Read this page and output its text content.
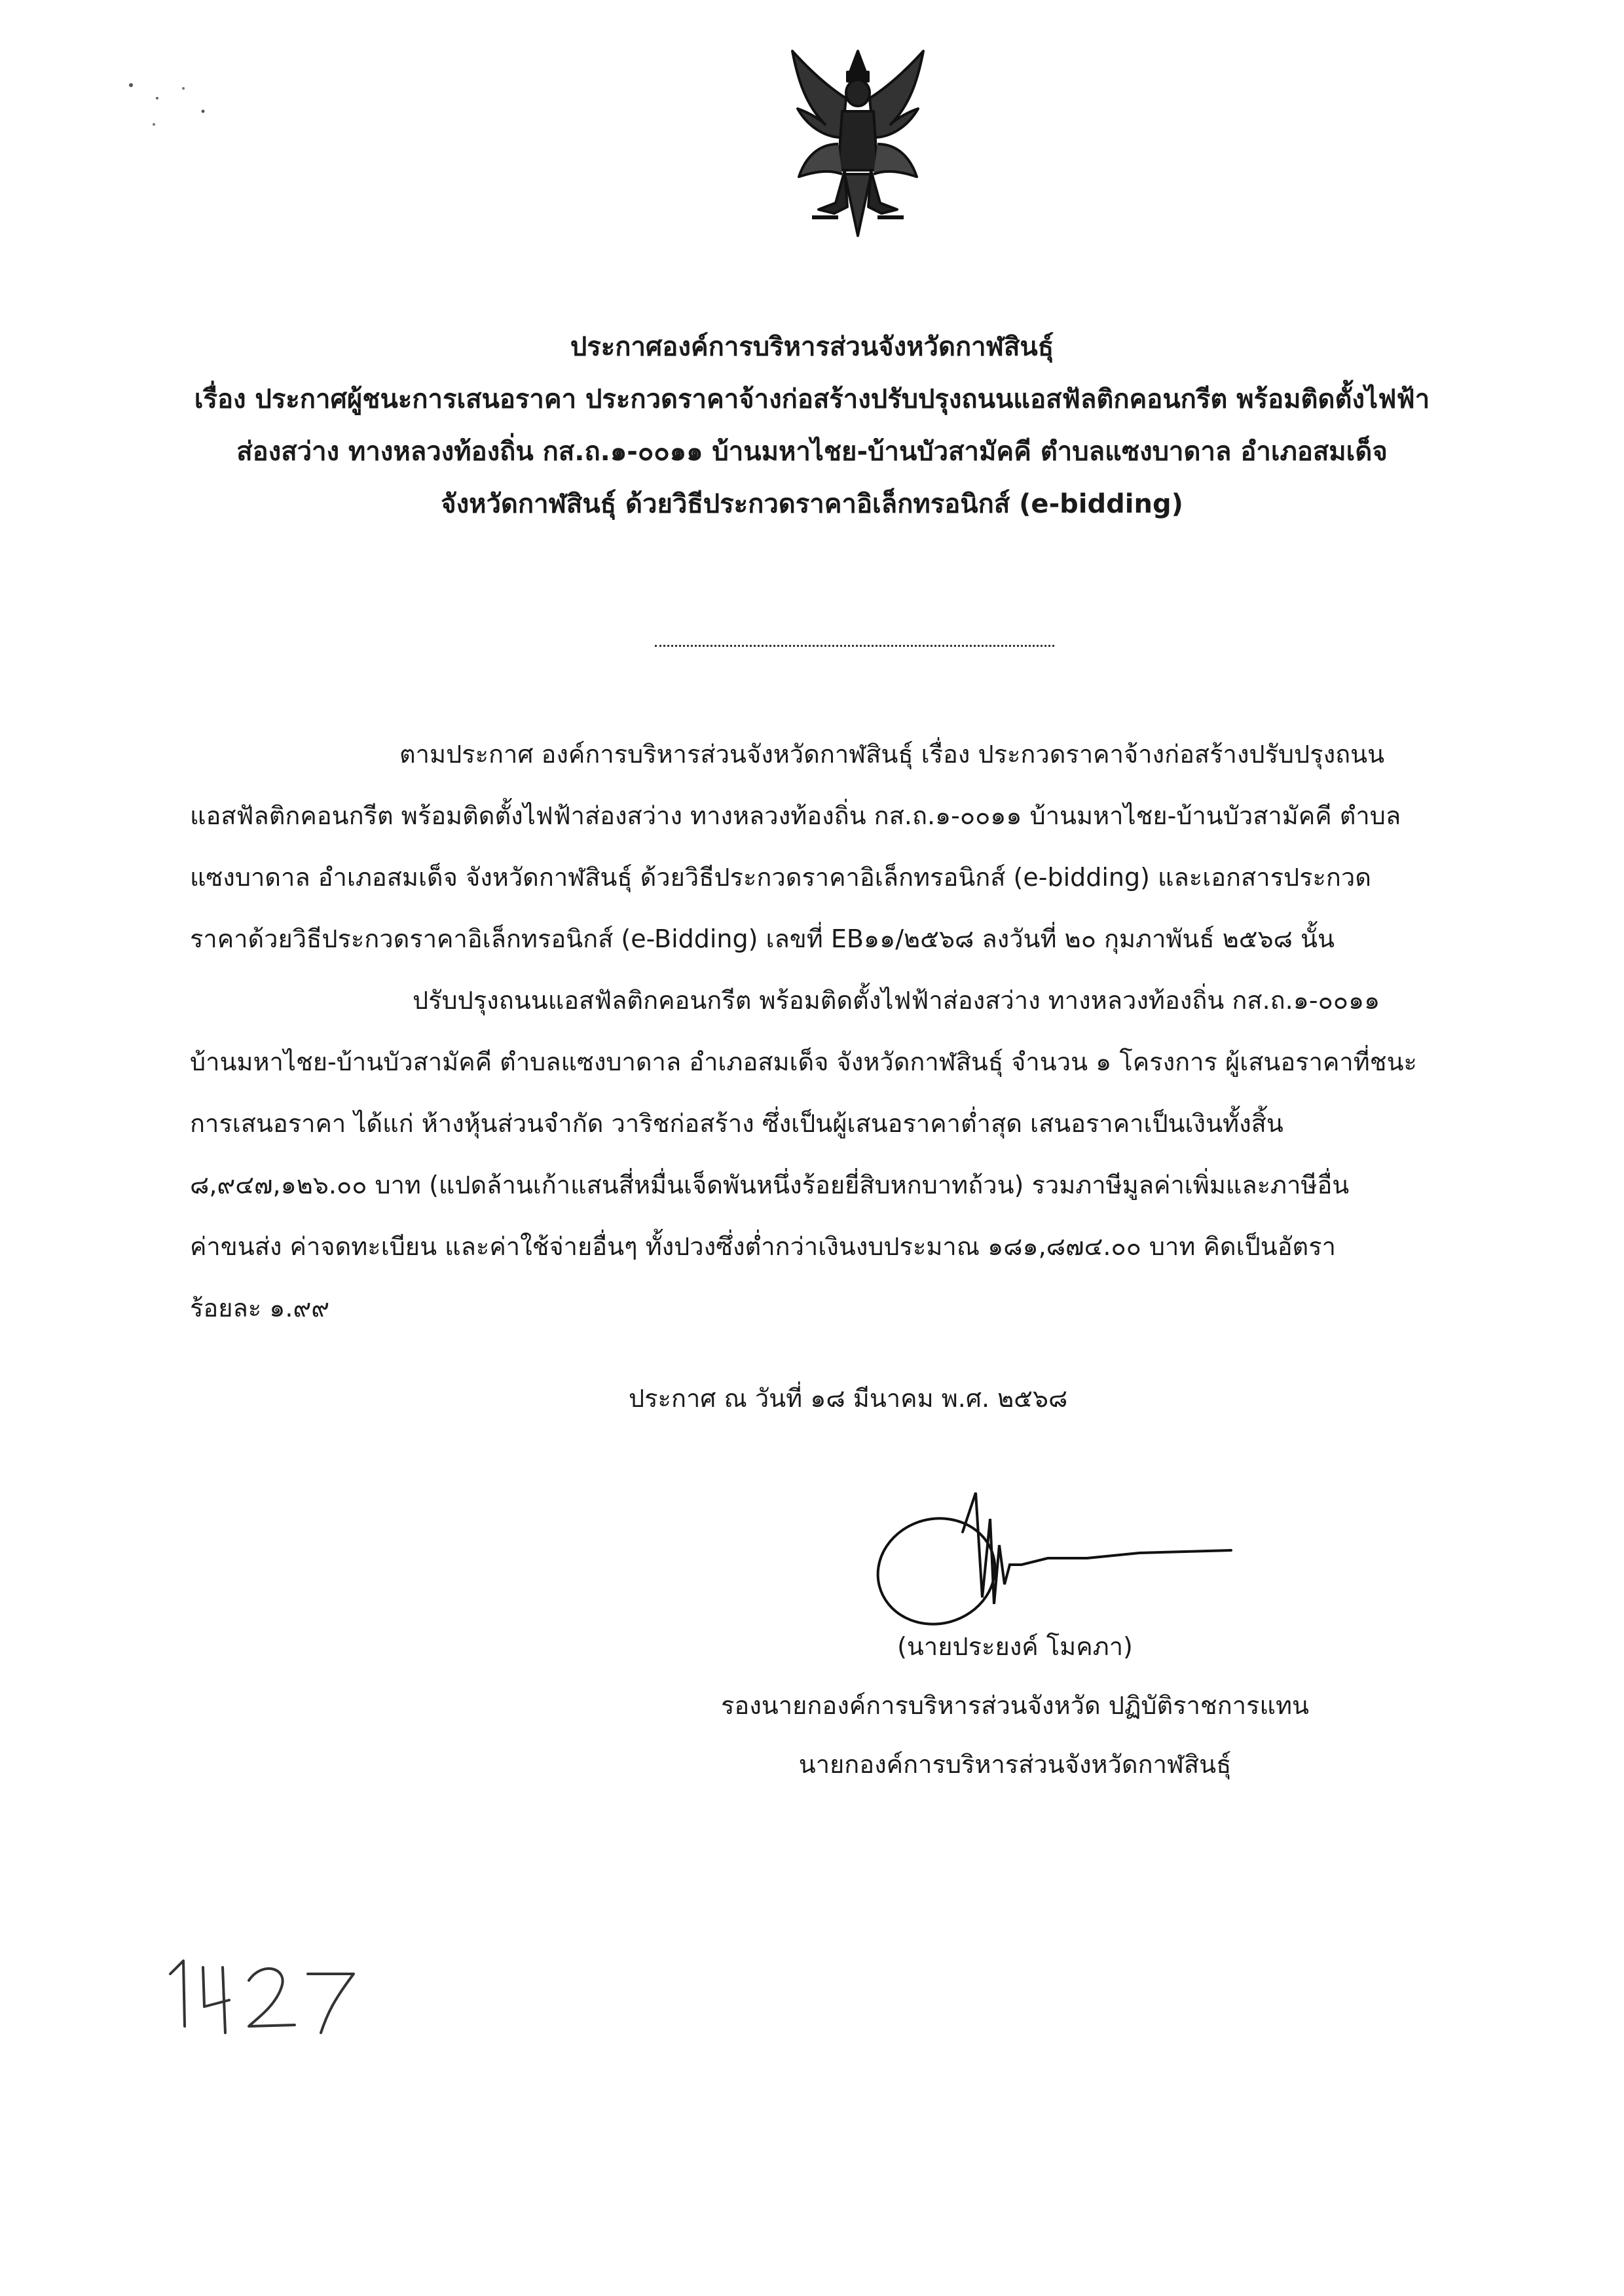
ประกาศองค์การบริหารส่วนจังหวัดกาฬสินธุ์
เรื่อง ประกาศผู้ชนะการเสนอราคา ประกวดราคาจ้างก่อสร้างปรับปรุงถนนแอสฟัลติกคอนกรีต พร้อมติดตั้งไฟฟ้า
ส่องสว่าง ทางหลวงท้องถิ่น กส.ถ.๑-๐๐๑๑ บ้านมหาไชย-บ้านบัวสามัคคี ตำบลแซงบาดาล อำเภอสมเด็จ
จังหวัดกาฬสินธุ์ ด้วยวิธีประกวดราคาอิเล็กทรอนิกส์ (e-bidding)
ตามประกาศ องค์การบริหารส่วนจังหวัดกาฬสินธุ์ เรื่อง ประกวดราคาจ้างก่อสร้างปรับปรุงถนน
แอสฟัลติกคอนกรีต พร้อมติดตั้งไฟฟ้าส่องสว่าง ทางหลวงท้องถิ่น กส.ถ.๑-๐๐๑๑ บ้านมหาไชย-บ้านบัวสามัคคี ตำบล
แซงบาดาล อำเภอสมเด็จ จังหวัดกาฬสินธุ์ ด้วยวิธีประกวดราคาอิเล็กทรอนิกส์ (e-bidding) และเอกสารประกวด
ราคาด้วยวิธีประกวดราคาอิเล็กทรอนิกส์ (e-Bidding) เลขที่ EB๑๑/๒๕๖๘ ลงวันที่ ๒๐ กุมภาพันธ์ ๒๕๖๘ นั้น
ปรับปรุงถนนแอสฟัลติกคอนกรีต พร้อมติดตั้งไฟฟ้าส่องสว่าง ทางหลวงท้องถิ่น กส.ถ.๑-๐๐๑๑
บ้านมหาไชย-บ้านบัวสามัคคี ตำบลแซงบาดาล อำเภอสมเด็จ จังหวัดกาฬสินธุ์ จำนวน ๑ โครงการ ผู้เสนอราคาที่ชนะ
การเสนอราคา ได้แก่ ห้างหุ้นส่วนจำกัด วาริชก่อสร้าง ซึ่งเป็นผู้เสนอราคาต่ำสุด เสนอราคาเป็นเงินทั้งสิ้น
๘,๙๔๗,๑๒๖.๐๐ บาท (แปดล้านเก้าแสนสี่หมื่นเจ็ดพันหนึ่งร้อยยี่สิบหกบาทถ้วน) รวมภาษีมูลค่าเพิ่มและภาษีอื่น
ค่าขนส่ง ค่าจดทะเบียน และค่าใช้จ่ายอื่นๆ ทั้งปวงซึ่งต่ำกว่าเงินงบประมาณ ๑๘๑,๘๗๔.๐๐ บาท คิดเป็นอัตรา
ร้อยละ ๑.๙๙
ประกาศ ณ วันที่ ๑๘ มีนาคม พ.ศ. ๒๕๖๘
(นายประยงค์ โมคภา)
รองนายกองค์การบริหารส่วนจังหวัด ปฏิบัติราชการแทน
นายกองค์การบริหารส่วนจังหวัดกาฬสินธุ์
